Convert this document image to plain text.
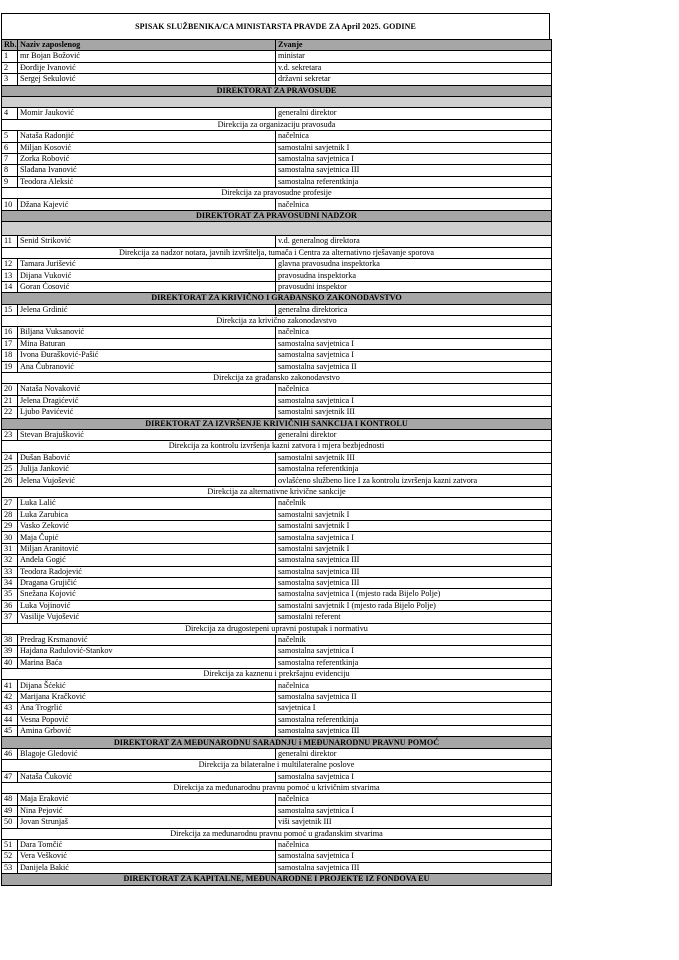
SPISAK SLUŽBENIKA/CA MINISTARSTA PRAVDE ZA April 2025. GODINE
Rb.	Naziv zaposlenog	Zvanje
1	mr Bojan Božović	ministar
2	Đorđije Ivanović	v.d. sekretara
3	Sergej Sekulović	državni sekretar
DIREKTORAT ZA PRAVOSUĐE		

4	Momir Jauković	generalni direktor
Direkcija za organizaciju pravosuđa		
5	Nataša Radonjić	načelnica
6	Miljan Kosović	samostalni savjetnik I
7	Zorka Robović	samostalna savjetnica I
8	Slađana Ivanović	samostalna savjetnica III
9	Teodora Aleksić	samostalna referentkinja
Direkcija za pravosudne profesije		
10	Džana Kajević	načelnica
DIREKTORAT ZA PRAVOSUDNI NADZOR		

11	Senid Striković	v.d. generalnog direktora
Direkcija za nadzor notara, javnih izvršitelja, tumača i Centra za alternativno rješavanje sporova		
12	Tamara Jurišević	glavna pravosudna inspektorka
13	Dijana Vuković	pravosudna inspektorka
14	Goran Ćosović	pravosudni inspektor
DIREKTORAT ZA KRIVIČNO I GRAĐANSKO ZAKONODAVSTVO		
15	Jelena Grdinić	generalna direktorica
Direkcija za krivično zakonodavstvo		
16	Biljana Vuksanović	načelnica
17	Mina Baturan	samostalna savjetnica I
18	Ivona Đurašković-Pašić	samostalna savjetnica I
19	Ana Čubranović	samostalna savjetnica II
Direkcija za građansko zakonodavstvo		
20	Nataša Novaković	načelnica
21	Jelena Dragićević	samostalna savjetnica I
22	Ljubo Pavićević	samostalni savjetnik III
DIREKTORAT ZA IZVRŠENJE KRIVIČNIH SANKCIJA I KONTROLU		
23	Stevan Brajušković	generalni direktor
Direkcija za kontrolu izvršenja kazni zatvora i mjera bezbjednosti		
24	Dušan Babović	samostalni savjetnik III
25	Julija Janković	samostalna referentkinja
26	Jelena Vujošević	ovlašćeno službeno lice I za kontrolu izvršenja kazni zatvora
Direkcija za alternativne krivične sankcije		
27	Luka Lalić	načelnik
28	Luka Zarubica	samostalni savjetnik I
29	Vasko Zeković	samostalni savjetnik I
30	Maja Čupić	samostalna savjetnica I
31	Miljan Aranitović	samostalni savjetnik I
32	Anđela Gogić	samostalna savjetnica III
33	Teodora Radojević	samostalna savjetnica III
34	Dragana Grujičić	samostalna savjetnica III
35	Snežana Kojović	samostalna savjetnica I (mjesto rada Bijelo Polje)
36	Luka Vojinović	samostalni savjetnik I (mjesto rada Bijelo Polje)
37	Vasilije Vujošević	samostalni referent
Direkcija za drugostepeni upravni postupak i normativu		
38	Predrag Krsmanović	načelnik
39	Hajdana Radulović-Stankov	samostalna savjetnica I
40	Marina Baća	samostalna referentkinja
Direkcija za kaznenu i prekršajnu evidenciju		
41	Dijana Šćekić	načelnica
42	Marijana Kračković	samostalna savjetnica II
43	Ana Trogrlić	savjetnica I
44	Vesna Popović	samostalna referentkinja
45	Amina Grbović	samostalna savjetnica III
DIREKTORAT ZA MEĐUNARODNU SARADNJU i MEĐUNARODNU PRAVNU POMOĆ		
46	Blagoje Gledović	generalni direktor
Direkcija za bilateralne i multilateralne poslove		
47	Nataša Čuković	samostalna savjetnica I
Direkcija za međunarodnu pravnu pomoć u krivičnim stvarima		
48	Maja Eraković	načelnica
49	Nina Pejović	samostalna savjetnica I
50	Jovan Strunjaš	viši savjetnik III
Direkcija za međunarodnu pravnu pomoć u građanskim stvarima		
51	Dara Tomčić	načelnica
52	Vera Vešković	samostalna savjetnica I
53	Danijela Bakić	samostalna savjetnica III
DIREKTORAT ZA KAPITALNE, MEĐUNARODNE I PROJEKTE IZ FONDOVA EU		
